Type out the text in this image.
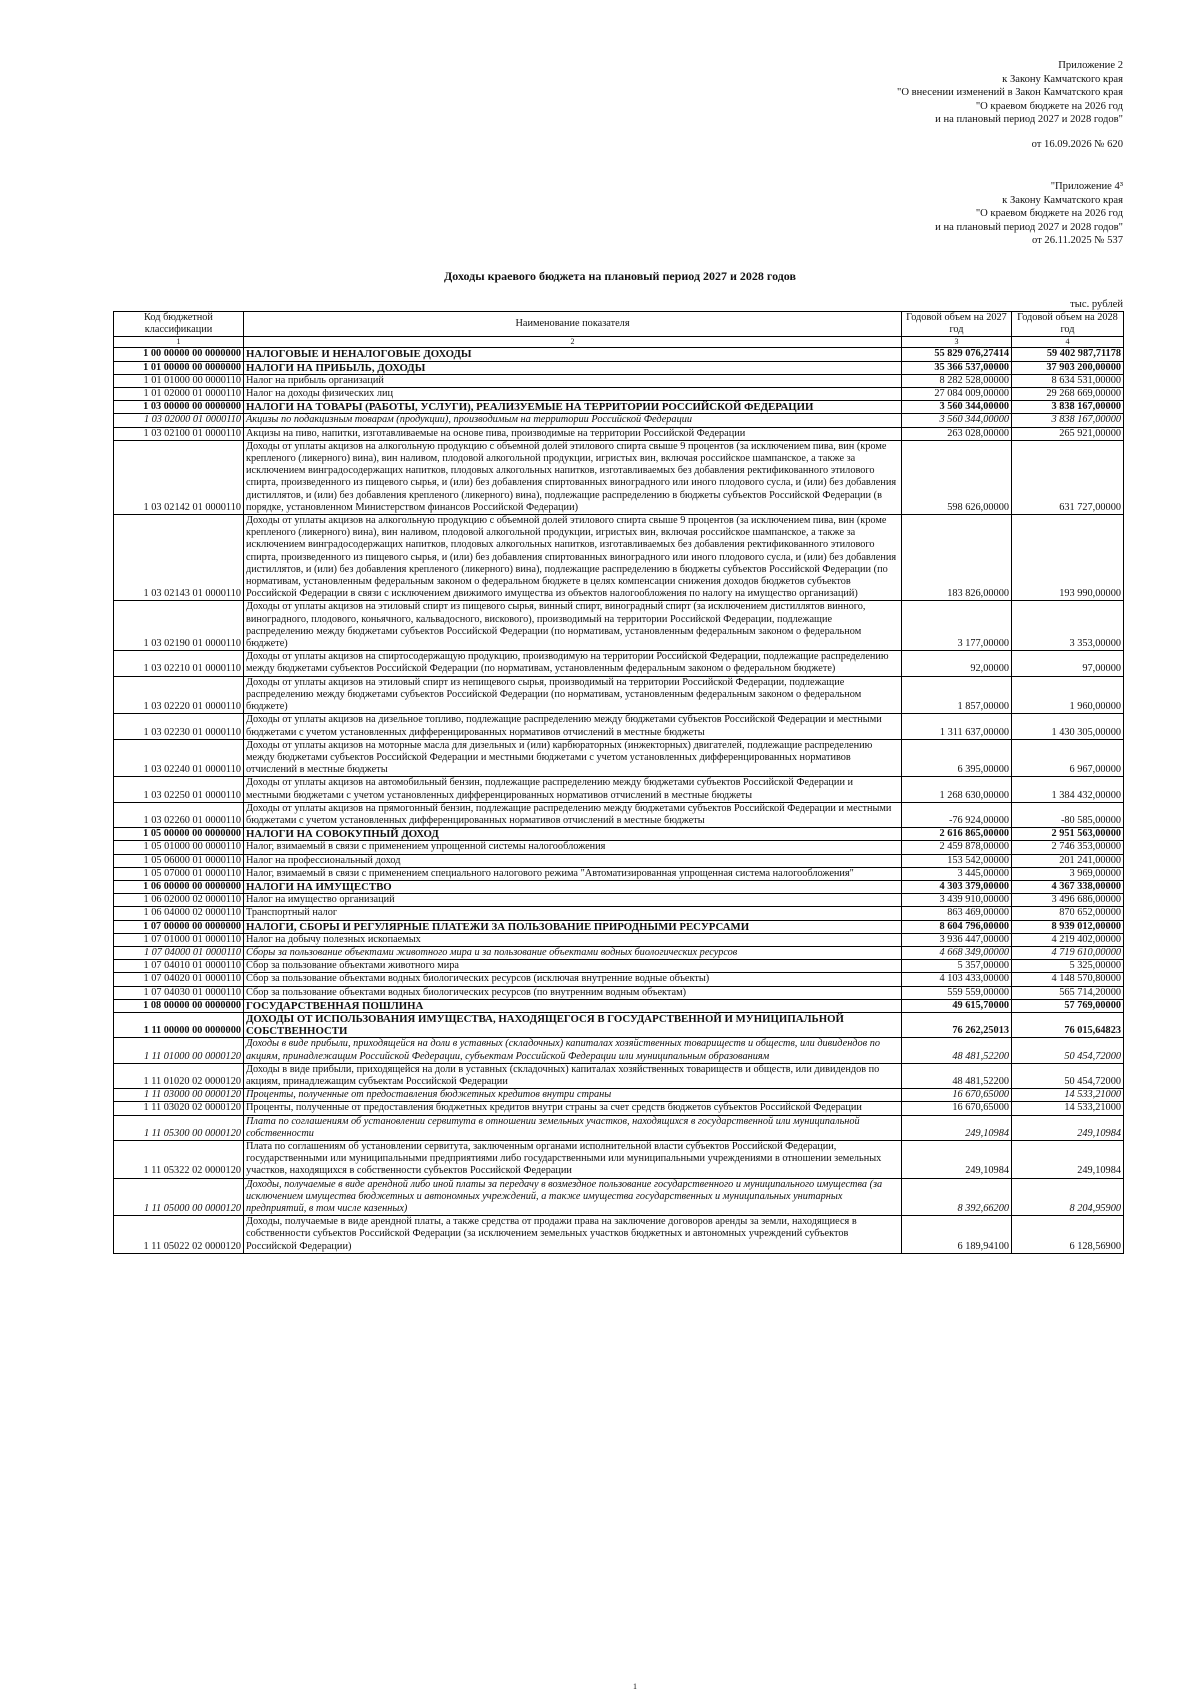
Приложение 2
к Закону Камчатского края
"О внесении изменений в Закон Камчатского края
"О краевом бюджете на 2026 год
и на плановый период 2027 и 2028 годов"
от 16.09.2026 № 620
"Приложение 4³
к Закону Камчатского края
"О краевом бюджете на 2026 год
и на плановый период 2027 и 2028 годов"
от 26.11.2025 № 537
Доходы краевого бюджета на плановый период 2027 и 2028 годов
тыс. рублей
Код бюджетной классификации	Наименование показателя	Годовой объем на 2027 год	Годовой объем на 2028 год
1	2	3	4
1 00 00000 00 0000000	НАЛОГОВЫЕ И НЕНАЛОГОВЫЕ ДОХОДЫ	55 829 076,27414	59 402 987,71178
1 01 00000 00 0000000	НАЛОГИ НА ПРИБЫЛЬ, ДОХОДЫ	35 366 537,00000	37 903 200,00000
1 01 01000 00 0000110	Налог на прибыль организаций	8 282 528,00000	8 634 531,00000
1 01 02000 01 0000110	Налог на доходы физических лиц	27 084 009,00000	29 268 669,00000
1 03 00000 00 0000000	НАЛОГИ НА ТОВАРЫ (РАБОТЫ, УСЛУГИ), РЕАЛИЗУЕМЫЕ НА ТЕРРИТОРИИ РОССИЙСКОЙ ФЕДЕРАЦИИ	3 560 344,00000	3 838 167,00000
1 03 02000 01 0000110	Акцизы по подакцизным товарам (продукции), производимым на территории Российской Федерации	3 560 344,00000	3 838 167,00000
1 03 02100 01 0000110	Акцизы на пиво, напитки, изготавливаемые на основе пива, производимые на территории Российской Федерации	263 028,00000	265 921,00000
1 03 02142 01 0000110	Доходы от уплаты акцизов на алкогольную продукцию с объемной долей этилового спирта свыше 9 процентов (за исключением пива, вин (кроме крепленого (ликерного) вина), вин наливом, плодовой алкогольной продукции, игристых вин, включая российское шампанское, а также за исключением винградосодержащих напитков, плодовых алкогольных напитков, изготавливаемых без добавления ректификованного этилового спирта, произведенного из пищевого сырья, и (или) без добавления спиртованных виноградного или иного плодового сусла, и (или) без добавления дистиллятов, и (или) без добавления крепленого (ликерного) вина), подлежащие распределению в бюджеты субъектов Российской Федерации (в порядке, установленном Министерством финансов Российской Федерации)	598 626,00000	631 727,00000
1 03 02143 01 0000110	Доходы от уплаты акцизов на алкогольную продукцию с объемной долей этилового спирта свыше 9 процентов (за исключением пива, вин (кроме крепленого (ликерного) вина), вин наливом, плодовой алкогольной продукции, игристых вин, включая российское шампанское, а также за исключением винградосодержащих напитков, плодовых алкогольных напитков, изготавливаемых без добавления ректификованного этилового спирта, произведенного из пищевого сырья, и (или) без добавления спиртованных виноградного или иного плодового сусла, и (или) без добавления дистиллятов, и (или) без добавления крепленого (ликерного) вина), подлежащие распределению в бюджеты субъектов Российской Федерации (по нормативам, установленным федеральным законом о федеральном бюджете в целях компенсации снижения доходов бюджетов субъектов Российской Федерации в связи с исключением движимого имущества из объектов налогообложения по налогу на имущество организаций)	183 826,00000	193 990,00000
1 03 02190 01 0000110	Доходы от уплаты акцизов на этиловый спирт из пищевого сырья, винный спирт, виноградный спирт (за исключением дистиллятов винного, виноградного, плодового, коньячного, кальвадосного, вискового), производимый на территории Российской Федерации, подлежащие распределению между бюджетами субъектов Российской Федерации (по нормативам, установленным федеральным законом о федеральном бюджете)	3 177,00000	3 353,00000
1 03 02210 01 0000110	Доходы от уплаты акцизов на спиртосодержащую продукцию, производимую на территории Российской Федерации, подлежащие распределению между бюджетами субъектов Российской Федерации (по нормативам, установленным федеральным законом о федеральном бюджете)	92,00000	97,00000
1 03 02220 01 0000110	Доходы от уплаты акцизов на этиловый спирт из непищевого сырья, производимый на территории Российской Федерации, подлежащие распределению между бюджетами субъектов Российской Федерации (по нормативам, установленным федеральным законом о федеральном бюджете)	1 857,00000	1 960,00000
1 03 02230 01 0000110	Доходы от уплаты акцизов на дизельное топливо, подлежащие распределению между бюджетами субъектов Российской Федерации и местными бюджетами с учетом установленных дифференцированных нормативов отчислений в местные бюджеты	1 311 637,00000	1 430 305,00000
1 03 02240 01 0000110	Доходы от уплаты акцизов на моторные масла для дизельных и (или) карбюраторных (инжекторных) двигателей, подлежащие распределению между бюджетами субъектов Российской Федерации и местными бюджетами с учетом установленных дифференцированных нормативов отчислений в местные бюджеты	6 395,00000	6 967,00000
1 03 02250 01 0000110	Доходы от уплаты акцизов на автомобильный бензин, подлежащие распределению между бюджетами субъектов Российской Федерации и местными бюджетами с учетом установленных дифференцированных нормативов отчислений в местные бюджеты	1 268 630,00000	1 384 432,00000
1 03 02260 01 0000110	Доходы от уплаты акцизов на прямогонный бензин, подлежащие распределению между бюджетами субъектов Российской Федерации и местными бюджетами с учетом установленных дифференцированных нормативов отчислений в местные бюджеты	-76 924,00000	-80 585,00000
1 05 00000 00 0000000	НАЛОГИ НА СОВОКУПНЫЙ ДОХОД	2 616 865,00000	2 951 563,00000
1 05 01000 00 0000110	Налог, взимаемый в связи с применением упрощенной системы налогообложения	2 459 878,00000	2 746 353,00000
1 05 06000 01 0000110	Налог на профессиональный доход	153 542,00000	201 241,00000
1 05 07000 01 0000110	Налог, взимаемый в связи с применением специального налогового режима "Автоматизированная упрощенная система налогообложения"	3 445,00000	3 969,00000
1 06 00000 00 0000000	НАЛОГИ НА ИМУЩЕСТВО	4 303 379,00000	4 367 338,00000
1 06 02000 02 0000110	Налог на имущество организаций	3 439 910,00000	3 496 686,00000
1 06 04000 02 0000110	Транспортный налог	863 469,00000	870 652,00000
1 07 00000 00 0000000	НАЛОГИ, СБОРЫ И РЕГУЛЯРНЫЕ ПЛАТЕЖИ ЗА ПОЛЬЗОВАНИЕ ПРИРОДНЫМИ РЕСУРСАМИ	8 604 796,00000	8 939 012,00000
1 07 01000 01 0000110	Налог на добычу полезных ископаемых	3 936 447,00000	4 219 402,00000
1 07 04000 01 0000110	Сборы за пользование объектами животного мира и за пользование объектами водных биологических ресурсов	4 668 349,00000	4 719 610,00000
1 07 04010 01 0000110	Сбор за пользование объектами животного мира	5 357,00000	5 325,00000
1 07 04020 01 0000110	Сбор за пользование объектами водных биологических ресурсов (исключая внутренние водные объекты)	4 103 433,00000	4 148 570,80000
1 07 04030 01 0000110	Сбор за пользование объектами водных биологических ресурсов (по внутренним водным объектам)	559 559,00000	565 714,20000
1 08 00000 00 0000000	ГОСУДАРСТВЕННАЯ ПОШЛИНА	49 615,70000	57 769,00000
1 11 00000 00 0000000	ДОХОДЫ ОТ ИСПОЛЬЗОВАНИЯ ИМУЩЕСТВА, НАХОДЯЩЕГОСЯ В ГОСУДАРСТВЕННОЙ И МУНИЦИПАЛЬНОЙ СОБСТВЕННОСТИ	76 262,25013	76 015,64823
1 11 01000 00 0000120	Доходы в виде прибыли, приходящейся на доли в уставных (складочных) капиталах хозяйственных товариществ и обществ, или дивидендов по акциям, принадлежащим Российской Федерации, субъектам Российской Федерации или муниципальным образованиям	48 481,52200	50 454,72000
1 11 01020 02 0000120	Доходы в виде прибыли, приходящейся на доли в уставных (складочных) капиталах хозяйственных товариществ и обществ, или дивидендов по акциям, принадлежащим субъектам Российской Федерации	48 481,52200	50 454,72000
1 11 03000 00 0000120	Проценты, полученные от предоставления бюджетных кредитов внутри страны	16 670,65000	14 533,21000
1 11 03020 02 0000120	Проценты, полученные от предоставления бюджетных кредитов внутри страны за счет средств бюджетов субъектов Российской Федерации	16 670,65000	14 533,21000
1 11 05300 00 0000120	Плата по соглашениям об установлении сервитута в отношении земельных участков, находящихся в государственной или муниципальной собственности	249,10984	249,10984
1 11 05322 02 0000120	Плата по соглашениям об установлении сервитута, заключенным органами исполнительной власти субъектов Российской Федерации, государственными или муниципальными предприятиями либо государственными или муниципальными учреждениями в отношении земельных участков, находящихся в собственности субъектов Российской Федерации	249,10984	249,10984
1 11 05000 00 0000120	Доходы, получаемые в виде арендной либо иной платы за передачу в возмездное пользование государственного и муниципального имущества (за исключением имущества бюджетных и автономных учреждений, а также имущества государственных и муниципальных унитарных предприятий, в том числе казенных)	8 392,66200	8 204,95900
1 11 05022 02 0000120	Доходы, получаемые в виде арендной платы, а также средства от продажи права на заключение договоров аренды за земли, находящиеся в собственности субъектов Российской Федерации (за исключением земельных участков бюджетных и автономных учреждений субъектов Российской Федерации)	6 189,94100	6 128,56900
1
